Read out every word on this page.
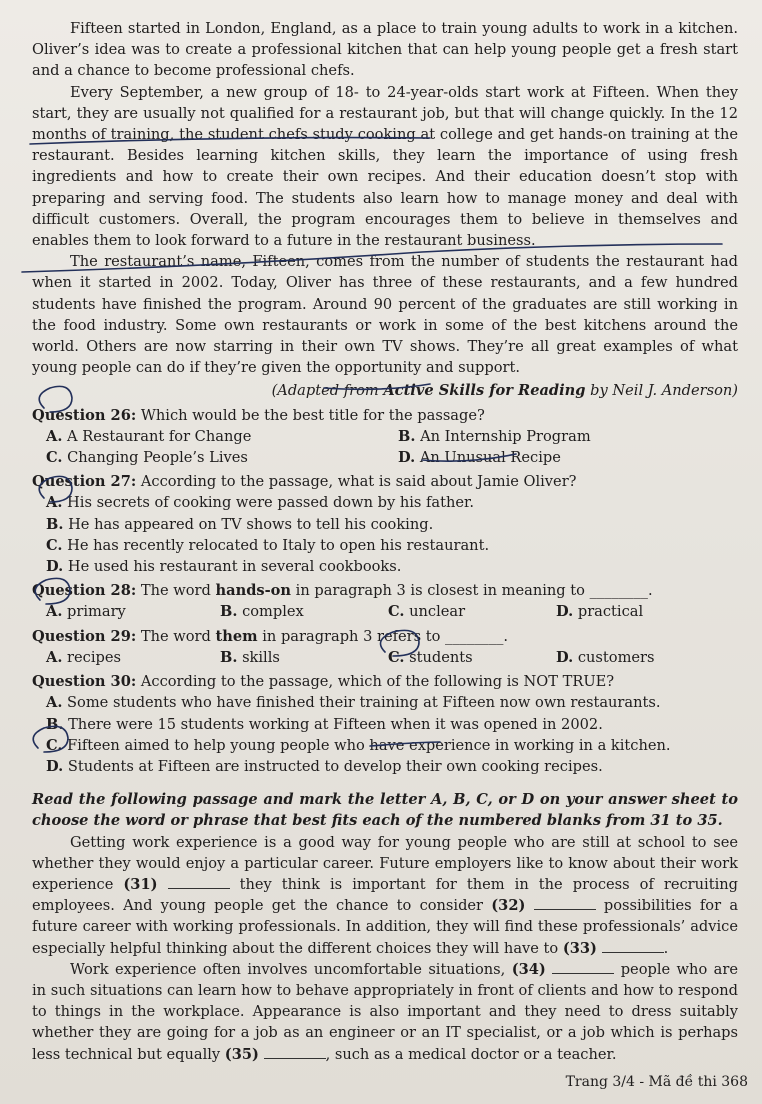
Fifteen started in London, England, as a place to train young adults to work in a kitchen. Oliver’s idea was to create a professional kitchen that can help young people get a fresh start and a chance to become professional chefs.

Every September, a new group of 18- to 24-year-olds start work at Fifteen. When they start, they are usually not qualified for a restaurant job, but that will change quickly. In the 12 months of training, the student chefs study cooking at college and get hands-on training at the restaurant. Besides learning kitchen skills, they learn the importance of using fresh ingredients and how to create their own recipes. And their education doesn’t stop with preparing and serving food. The students also learn how to manage money and deal with difficult customers. Overall, the program encourages them to believe in themselves and enables them to look forward to a future in the restaurant business.

The restaurant’s name, Fifteen, comes from the number of students the restaurant had when it started in 2002. Today, Oliver has three of these restaurants, and a few hundred students have finished the program. Around 90 percent of the graduates are still working in the food industry. Some own restaurants or work in some of the best kitchens around the world. Others are now starring in their own TV shows. They’re all great examples of what young people can do if they’re given the opportunity and support.

(Adapted from Active Skills for Reading by Neil J. Anderson)

Question 26: Which would be the best title for the passage?
A. A Restaurant for Change	B. An Internship Program
C. Changing People’s Lives	D. An Unusual Recipe
Question 27: According to the passage, what is said about Jamie Oliver?
A. His secrets of cooking were passed down by his father.
B. He has appeared on TV shows to tell his cooking.
C. He has recently relocated to Italy to open his restaurant.
D. He used his restaurant in several cookbooks.
Question 28: The word hands-on in paragraph 3 is closest in meaning to ________.
A. primary	B. complex	C. unclear	D. practical
Question 29: The word them in paragraph 3 refers to ________.
A. recipes	B. skills	C. students	D. customers
Question 30: According to the passage, which of the following is NOT TRUE?
A. Some students who have finished their training at Fifteen now own restaurants.
B. There were 15 students working at Fifteen when it was opened in 2002.
C. Fifteen aimed to help young people who have experience in working in a kitchen.
D. Students at Fifteen are instructed to develop their own cooking recipes.

Read the following passage and mark the letter A, B, C, or D on your answer sheet to choose the word or phrase that best fits each of the numbered blanks from 31 to 35.

Getting work experience is a good way for young people who are still at school to see whether they would enjoy a particular career. Future employers like to know about their work experience (31)	they think is important for them in the process of recruiting employees. And young people get the chance to consider (32)	possibilities for a future career with working professionals. In addition, they will find these professionals’ advice especially helpful thinking about the different choices they will have to (33)	.

Work experience often involves uncomfortable situations, (34)	people who are in such situations can learn how to behave appropriately in front of clients and how to respond to things in the workplace. Appearance is also important and they need to dress suitably whether they are going for a job as an engineer or an IT specialist, or a job which is perhaps less technical but equally (35)	, such as a medical doctor or a teacher.

Trang 3/4 - Mã đề thi 368
